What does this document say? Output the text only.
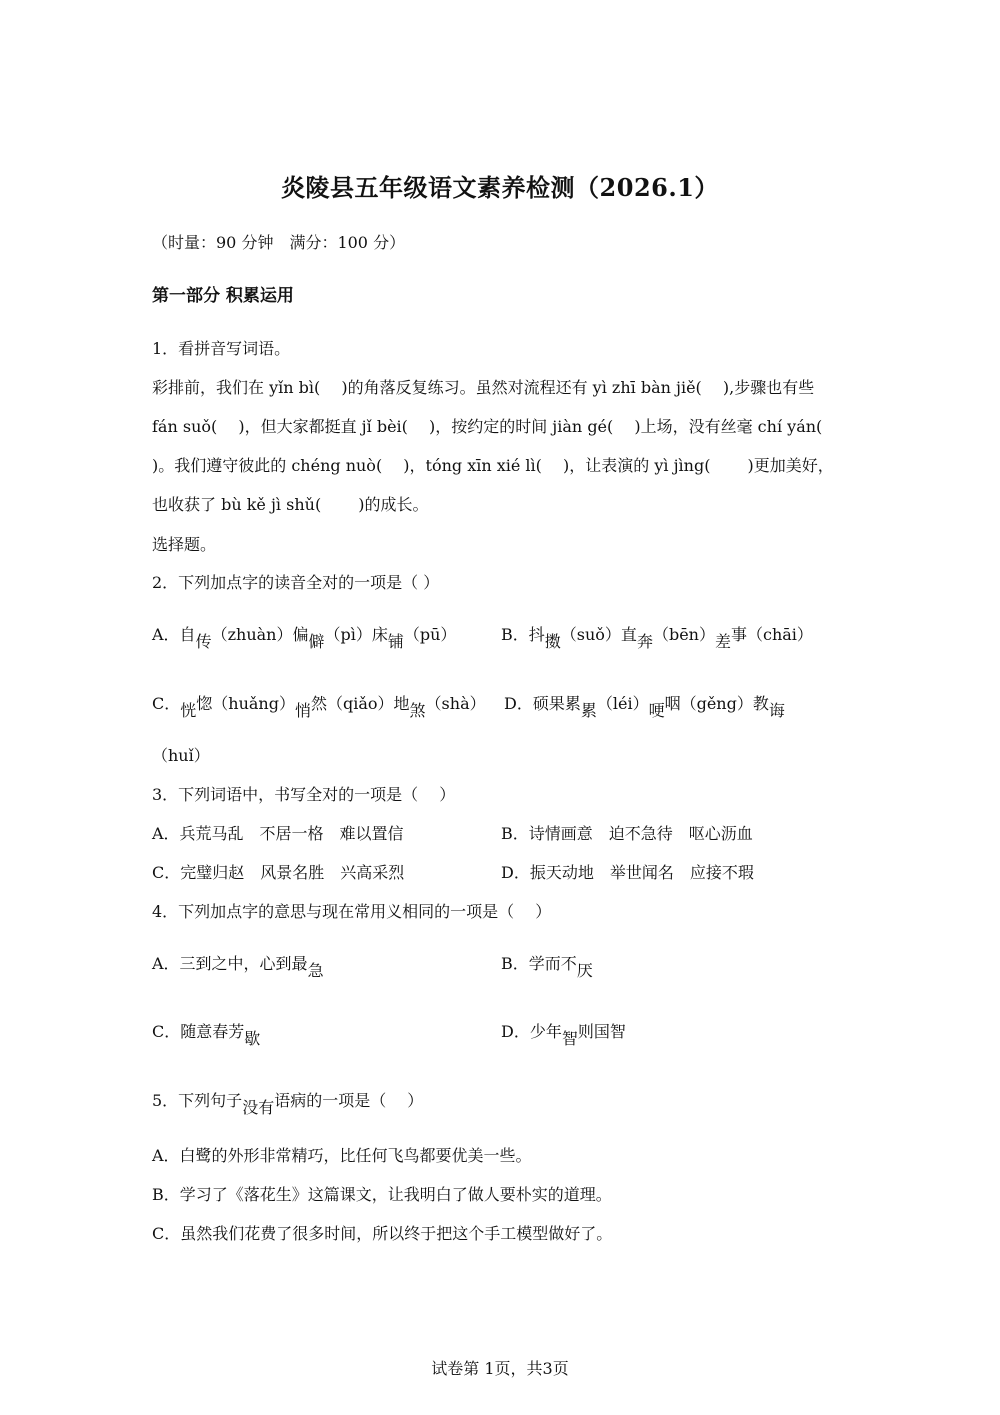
炎陵县五年级语文素养检测（2026.1）
（时量：90 分钟　满分：100 分）
第一部分 积累运用
1．看拼音写词语。
彩排前，我们在 yǐn bì(　 )的角落反复练习。虽然对流程还有 yì zhī bàn jiě(　 ),步骤也有些
fán suǒ(　 )，但大家都挺直 jǐ bèi(　 )，按约定的时间 jiàn gé(　 )上场，没有丝毫 chí yán(
)。我们遵守彼此的 chéng nuò(　 )，tóng xīn xié lì(　 )，让表演的 yì jìng(　　 )更加美好，
也收获了 bù kě jì shǔ(　　 )的成长。
选择题。
2．下列加点字的读音全对的一项是（ ）
A．自传（zhuàn）偏僻（pì）床铺（pū）	B．抖擞（suǒ）直奔（bēn）差事（chāi）
C．恍惚（huǎng）悄然（qiǎo）地煞（shà） D．硕果累累（léi）哽咽（gěng）教诲
（huǐ）
3．下列词语中，书写全对的一项是（　 ）
A．兵荒马乱　不居一格　难以置信	B．诗情画意　迫不急待　呕心沥血
C．完璧归赵　风景名胜　兴高采烈	D．振天动地　举世闻名　应接不瑕
4．下列加点字的意思与现在常用义相同的一项是（　 ）
A．三到之中，心到最急	B．学而不厌
C．随意春芳歇	D．少年智则国智
5．下列句子没有语病的一项是（　 ）
A．白鹭的外形非常精巧，比任何飞鸟都要优美一些。
B．学习了《落花生》这篇课文，让我明白了做人要朴实的道理。
C．虽然我们花费了很多时间，所以终于把这个手工模型做好了。
试卷第 1页，共3页
